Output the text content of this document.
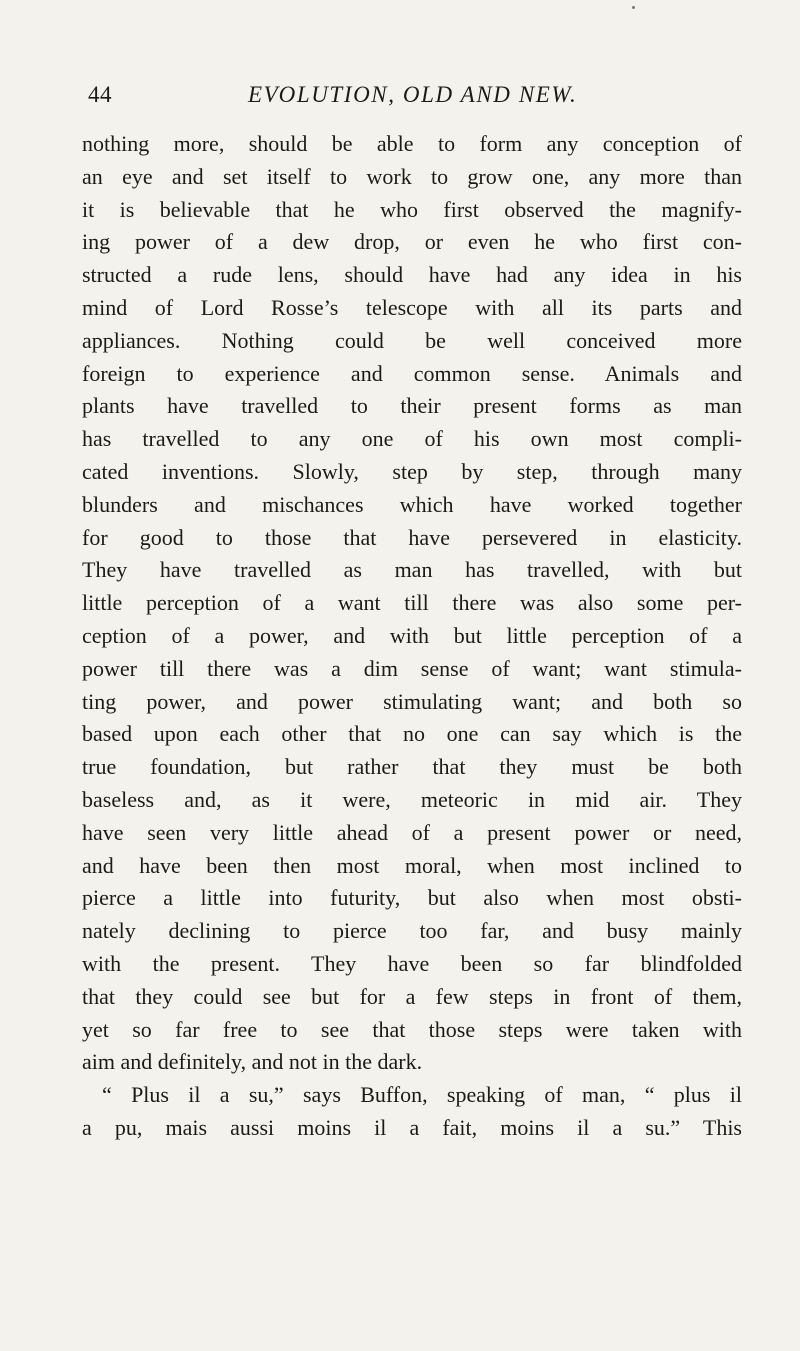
44	EVOLUTION, OLD AND NEW.
nothing more, should be able to form any conception of
an eye and set itself to work to grow one, any more than
it is believable that he who first observed the magnify-
ing power of a dew drop, or even he who first con-
structed a rude lens, should have had any idea in his
mind of Lord Rosse’s telescope with all its parts and
appliances. Nothing could be well conceived more
foreign to experience and common sense. Animals and
plants have travelled to their present forms as man
has travelled to any one of his own most compli-
cated inventions. Slowly, step by step, through many
blunders and mischances which have worked together
for good to those that have persevered in elasticity.
They have travelled as man has travelled, with but
little perception of a want till there was also some per-
ception of a power, and with but little perception of a
power till there was a dim sense of want; want stimula-
ting power, and power stimulating want; and both so
based upon each other that no one can say which is the
true foundation, but rather that they must be both
baseless and, as it were, meteoric in mid air. They
have seen very little ahead of a present power or need,
and have been then most moral, when most inclined to
pierce a little into futurity, but also when most obsti-
nately declining to pierce too far, and busy mainly
with the present. They have been so far blindfolded
that they could see but for a few steps in front of them,
yet so far free to see that those steps were taken with
aim and definitely, and not in the dark.
“ Plus il a su,” says Buffon, speaking of man, “ plus il
a pu, mais aussi moins il a fait, moins il a su.” This
